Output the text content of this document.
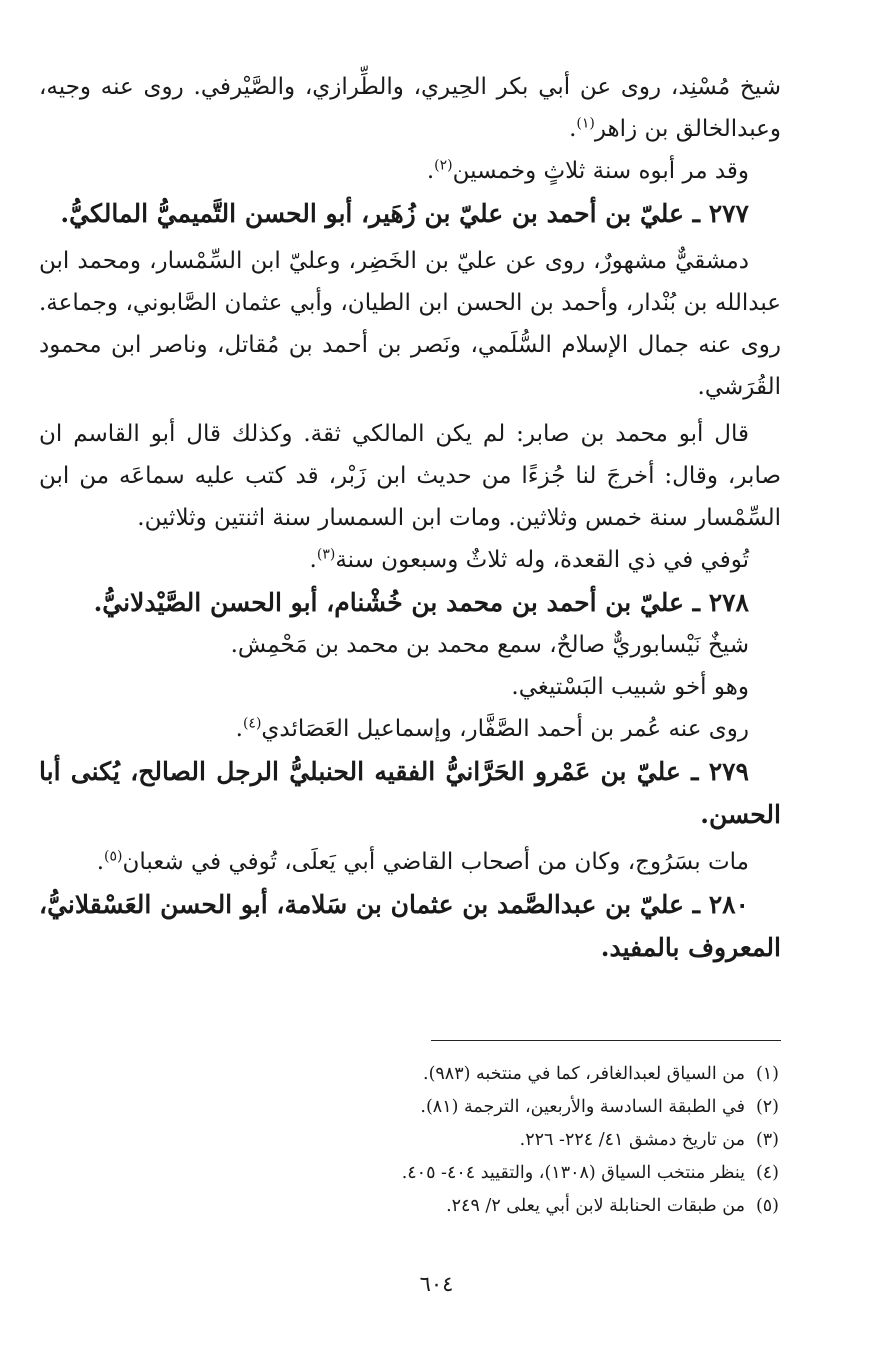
شيخ مُسْنِد، روى عن أبي بكر الحِيري، والطِّرازي، والصَّيْرفي. روى عنه وجيه، وعبدالخالق بن زاهر$^{(١)}$.

وقد مر أبوه سنة ثلاثٍ وخمسين$^{(٢)}$.

٢٧٧ ـ عليّ بن أحمد بن عليّ بن زُهَير، أبو الحسن التَّميميُّ المالكيُّ.

دمشقيٌّ مشهورٌ، روى عن عليّ بن الخَضِر، وعليّ ابن السِّمْسار، ومحمد ابن عبدالله بن بُنْدار، وأحمد بن الحسن ابن الطيان، وأبي عثمان الصَّابوني، وجماعة. روى عنه جمال الإسلام السُّلَمي، ونَصر بن أحمد بن مُقاتل، وناصر ابن محمود القُرَشي.

قال أبو محمد بن صابر: لم يكن المالكي ثقة. وكذلك قال أبو القاسم ان صابر، وقال: أخرجَ لنا جُزءًا من حديث ابن زَبْر، قد كتب عليه سماعَه من ابن السِّمْسار سنة خمس وثلاثين. ومات ابن السمسار سنة اثنتين وثلاثين.

تُوفي في ذي القعدة، وله ثلاثٌ وسبعون سنة$^{(٣)}$.

٢٧٨ ـ عليّ بن أحمد بن محمد بن خُشْنام، أبو الحسن الصَّيْدلانيُّ.

شيخٌ نَيْسابوريٌّ صالحٌ، سمع محمد بن محمد بن مَحْمِش.

وهو أخو شبيب البَسْتيغي.

روى عنه عُمر بن أحمد الصَّفَّار، وإسماعيل العَصَائدي$^{(٤)}$.

٢٧٩ ـ عليّ بن عَمْرو الحَرَّانيُّ الفقيه الحنبليُّ الرجل الصالح، يُكنى أبا الحسن.

مات بسَرُوج، وكان من أصحاب القاضي أبي يَعلَى، تُوفي في شعبان$^{(٥)}$.

٢٨٠ ـ عليّ بن عبدالصَّمد بن عثمان بن سَلامة، أبو الحسن العَسْقلانيُّ، المعروف بالمفيد.

(١)من السياق لعبدالغافر، كما في منتخبه (٩٨٣).

(٢)في الطبقة السادسة والأربعين، الترجمة (٨١).

(٣)من تاريخ دمشق ٤١/ ٢٢٤- ٢٢٦.

(٤)ينظر منتخب السياق (١٣٠٨)، والتقييد ٤٠٤- ٤٠٥.

(٥)من طبقات الحنابلة لابن أبي يعلى ٢/ ٢٤٩.

٦٠٤
